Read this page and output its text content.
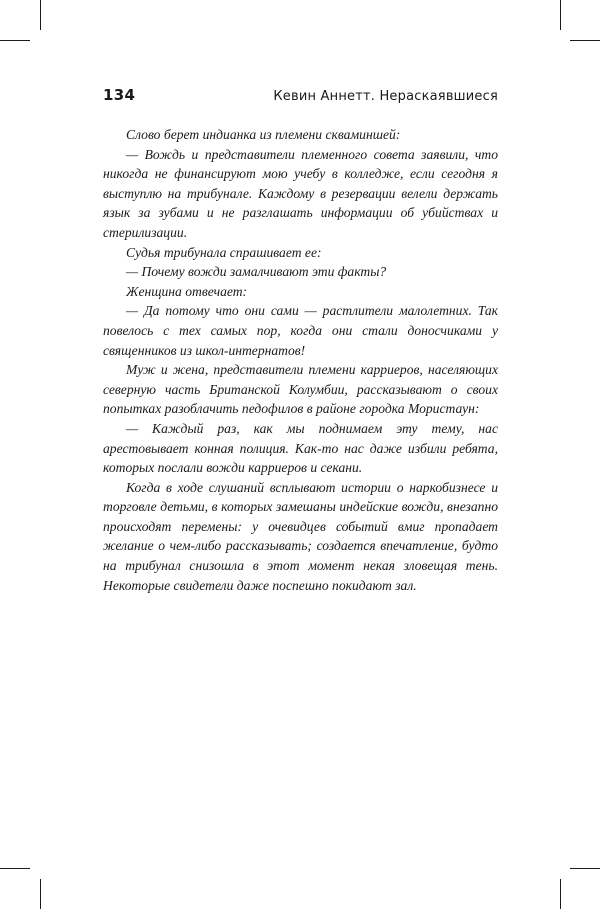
134	Кевин Аннетт. Нераскаявшиеся

Слово берет индианка из племени скваминшей:

— Вождь и представители племенного совета заявили, что никогда не финансируют мою учебу в колледже, если сегодня я выступлю на трибунале. Каждому в резервации велели держать язык за зубами и не разглашать информации об убийствах и стерилизации.

Судья трибунала спрашивает ее:

— Почему вожди замалчивают эти факты?

Женщина отвечает:

— Да потому что они сами — растлители малолетних. Так повелось с тех самых пор, когда они стали доносчиками у священников из школ-интернатов!

Муж и жена, представители племени карриеров, населяющих северную часть Британской Колумбии, рассказывают о своих попытках разоблачить педофилов в районе городка Мористаун:

— Каждый раз, как мы поднимаем эту тему, нас арестовывает конная полиция. Как-то нас даже избили ребята, которых послали вожди карриеров и секани.

Когда в ходе слушаний всплывают истории о наркобизнесе и торговле детьми, в которых замешаны индейские вожди, внезапно происходят перемены: у очевидцев событий вмиг пропадает желание о чем-либо рассказывать; создается впечатление, будто на трибунал снизошла в этот момент некая зловещая тень. Некоторые свидетели даже поспешно покидают зал.
